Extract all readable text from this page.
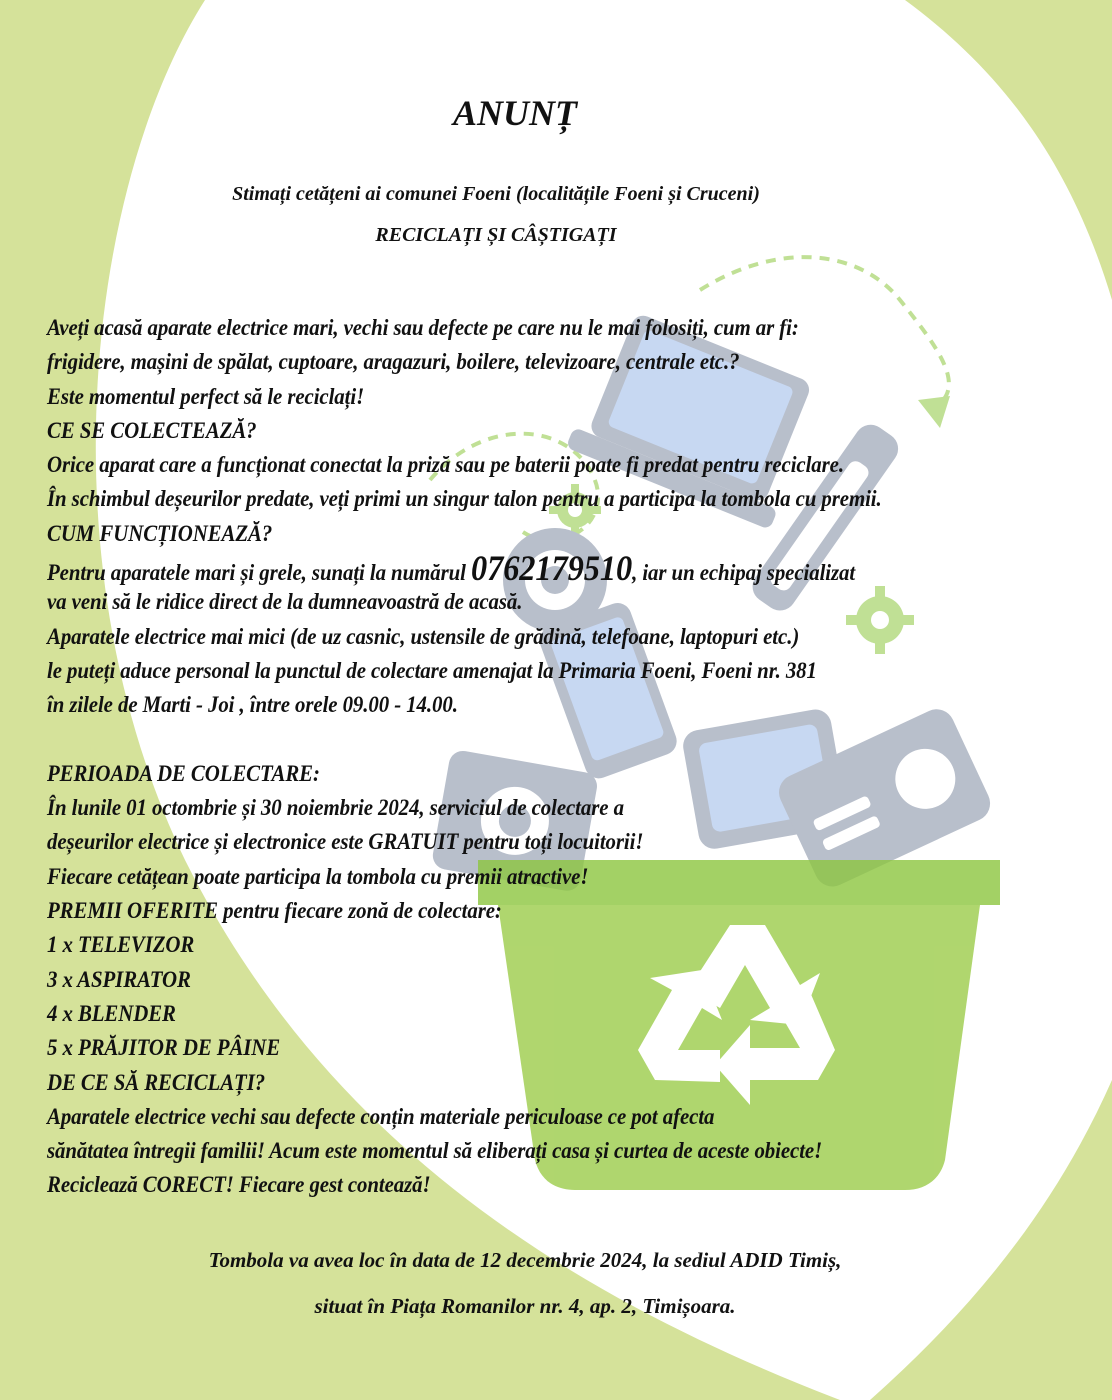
ANUNȚ

Stimați cetățeni ai comunei Foeni (localitățile Foeni și Cruceni)

RECICLAȚI ȘI CÂȘTIGAȚI

Aveți acasă aparate electrice mari, vechi sau defecte pe care nu le mai folosiți, cum ar fi:
frigidere, mașini de spălat, cuptoare, aragazuri, boilere, televizoare, centrale etc.?
Este momentul perfect să le reciclați!
CE SE COLECTEAZĂ?
Orice aparat care a funcționat conectat la priză sau pe baterii poate fi predat pentru reciclare.
În schimbul deșeurilor predate, veți primi un singur talon pentru a participa la tombola cu premii.
CUM FUNCȚIONEAZĂ?
Pentru aparatele mari și grele, sunați la numărul 0762179510, iar un echipaj specializat
va veni să le ridice direct de la dumneavoastră de acasă.
Aparatele electrice mai mici (de uz casnic, ustensile de grădină, telefoane, laptopuri etc.)
le puteți aduce personal la punctul de colectare amenajat la Primaria Foeni, Foeni nr. 381
în zilele de Marti - Joi , între orele 09.00 - 14.00.
PERIOADA DE COLECTARE:
În lunile 01 octombrie și 30 noiembrie 2024, serviciul de colectare a
deșeurilor electrice și electronice este GRATUIT pentru toți locuitorii!
Fiecare cetățean poate participa la tombola cu premii atractive!
PREMII OFERITE pentru fiecare zonă de colectare:
1 x TELEVIZOR
3 x ASPIRATOR
4 x BLENDER
5 x PRĂJITOR DE PÂINE
DE CE SĂ RECICLAȚI?
Aparatele electrice vechi sau defecte conțin materiale periculoase ce pot afecta
sănătatea întregii familii! Acum este momentul să eliberați casa și curtea de aceste obiecte!
Reciclează CORECT! Fiecare gest contează!

Tombola va avea loc în data de 12 decembrie 2024, la sediul ADID Timiș,

situat în Piața Romanilor nr. 4, ap. 2, Timișoara.
